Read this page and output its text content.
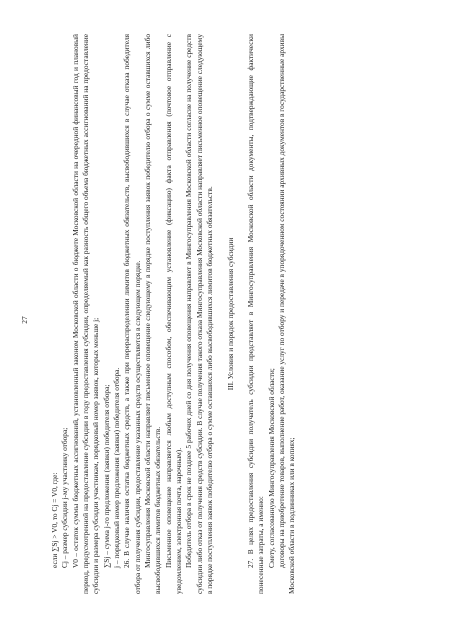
27

если ∑Sj > V0, то Cj = V0, где: Cj – размер субсидии j-му участнику отбора; V0 – остаток суммы бюджетных ассигнований, установленный законом Московской области о бюджете Московской области на очередной финансовый год и плановый период, предусмотренной на предоставление субсидии в году предоставления субсидии, определяемый как разность общего объема бюджетных ассигнований на предоставление субсидии и размера субсидии участникам, порядковый номер заявок, которых меньше j; ∑Sj – сумма j-го предложения (заявки) победителя отбора; j – порядковый номер предложения (заявки) победителя отбора. 26. В случае наличия остатка бюджетных средств, а также при перераспределении лимитов бюджетных обязательств, высвободившихся в случае отказа победителя отбора от получения субсидии, предоставление указанных средств осуществляется в следующем порядке. Мингосуправления Московской области направляет письменное оповещение следующему в порядке поступления заявок победителю отбора о сумме оставшихся либо высвободившихся лимитов бюджетных обязательств. Письменное оповещение направляется любым доступным способом, обеспечивающим установление (фиксацию) факта отправления (почтовое отправление с уведомлением, электронная почта, нарочным). Победитель отбора в срок не позднее 5 рабочих дней со дня получения оповещения направляет в Мингосуправления Московской области согласие на получение средств субсидии либо отказ от получения средств субсидии. В случае получения такого отказа Мингосуправления Московской области направляет письменное оповещение следующему в порядке поступления заявок победителю отбора о сумме оставшихся либо высвободившихся лимитов бюджетных обязательств. III. Условия и порядок предоставления субсидии 27. В целях предоставления субсидии получатель субсидии представляет в Мингосуправления Московской области документы, подтверждающие фактически понесенные затраты, а именно: Смету, согласованную Мингосуправления Московской области; договоры на приобретение товаров, выполнение работ, оказание услуг по отбору и передаче в упорядоченном состоянии архивных документов в государственные архивы Московской области в подлинниках или в копиях;
